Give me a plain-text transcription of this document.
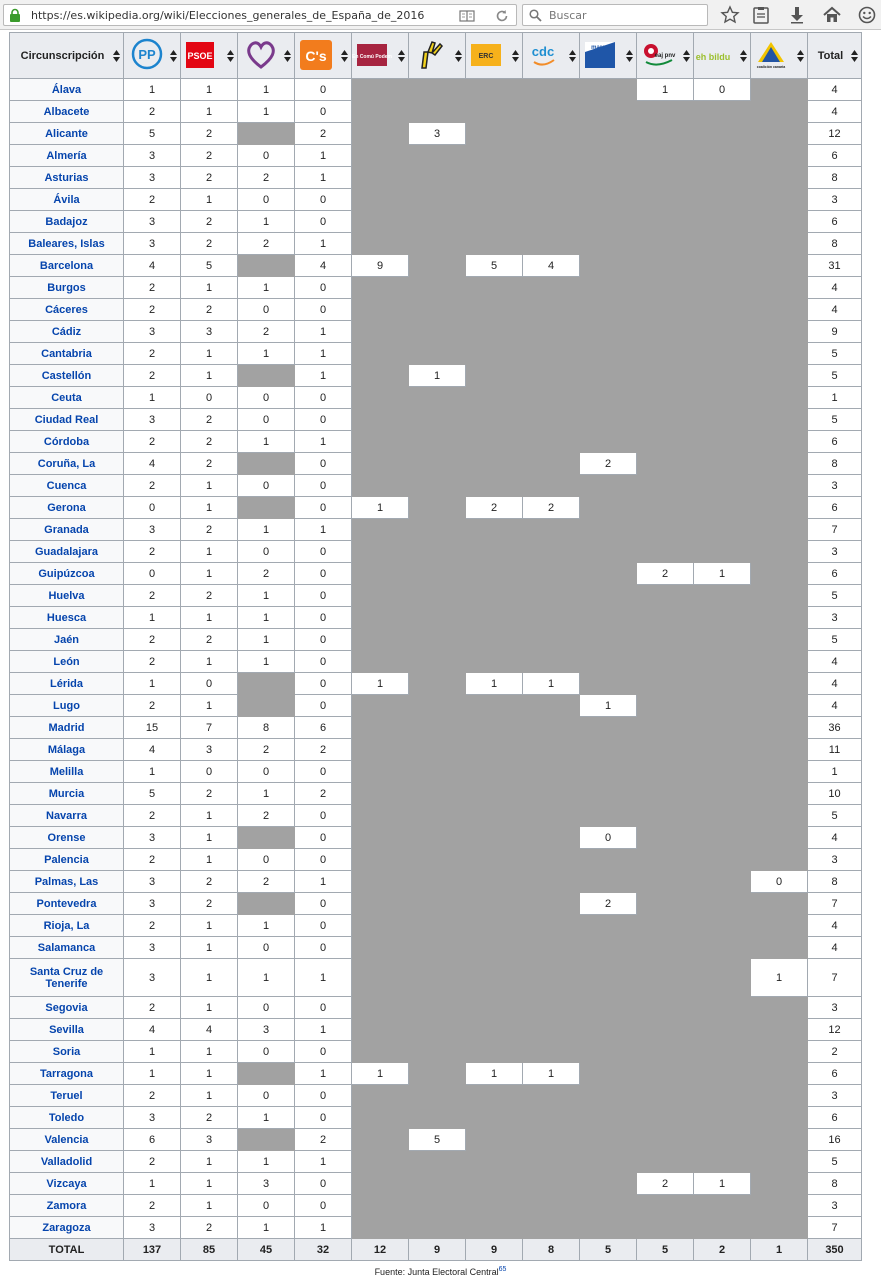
https://es.wikipedia.org/wiki/Elecciones_generales_de_España_de_2016	Buscar
Circunscripción	PP	PSOE		C's	En Comú Podem		ERC	cdc	marea	eaj pnv	eh bildu	coalición canaria	Total

Álava	1	1	1	0						1	0		4
Albacete	2	1	1	0									4
Alicante	5	2		2		3							12
Almería	3	2	0	1									6
Asturias	3	2	2	1									8
Ávila	2	1	0	0									3
Badajoz	3	2	1	0									6
Baleares, Islas	3	2	2	1									8
Barcelona	4	5		4	9		5	4					31
Burgos	2	1	1	0									4
Cáceres	2	2	0	0									4
Cádiz	3	3	2	1									9
Cantabria	2	1	1	1									5
Castellón	2	1		1		1							5
Ceuta	1	0	0	0									1
Ciudad Real	3	2	0	0									5
Córdoba	2	2	1	1									6
Coruña, La	4	2		0					2				8
Cuenca	2	1	0	0									3
Gerona	0	1		0	1		2	2					6
Granada	3	2	1	1									7
Guadalajara	2	1	0	0									3
Guipúzcoa	0	1	2	0						2	1		6
Huelva	2	2	1	0									5
Huesca	1	1	1	0									3
Jaén	2	2	1	0									5
León	2	1	1	0									4
Lérida	1	0		0	1		1	1					4
Lugo	2	1		0					1				4
Madrid	15	7	8	6									36
Málaga	4	3	2	2									11
Melilla	1	0	0	0									1
Murcia	5	2	1	2									10
Navarra	2	1	2	0									5
Orense	3	1		0					0				4
Palencia	2	1	0	0									3
Palmas, Las	3	2	2	1								0	8
Pontevedra	3	2		0					2				7
Rioja, La	2	1	1	0									4
Salamanca	3	1	0	0									4
Santa Cruz de Tenerife	3	1	1	1								1	7
Segovia	2	1	0	0									3
Sevilla	4	4	3	1									12
Soria	1	1	0	0									2
Tarragona	1	1		1	1		1	1					6
Teruel	2	1	0	0									3
Toledo	3	2	1	0									6
Valencia	6	3		2		5							16
Valladolid	2	1	1	1									5
Vizcaya	1	1	3	0						2	1		8
Zamora	2	1	0	0									3
Zaragoza	3	2	1	1									7
TOTAL	137	85	45	32	12	9	9	8	5	5	2	1	350
Fuente: Junta Electoral Central$^{65}$
